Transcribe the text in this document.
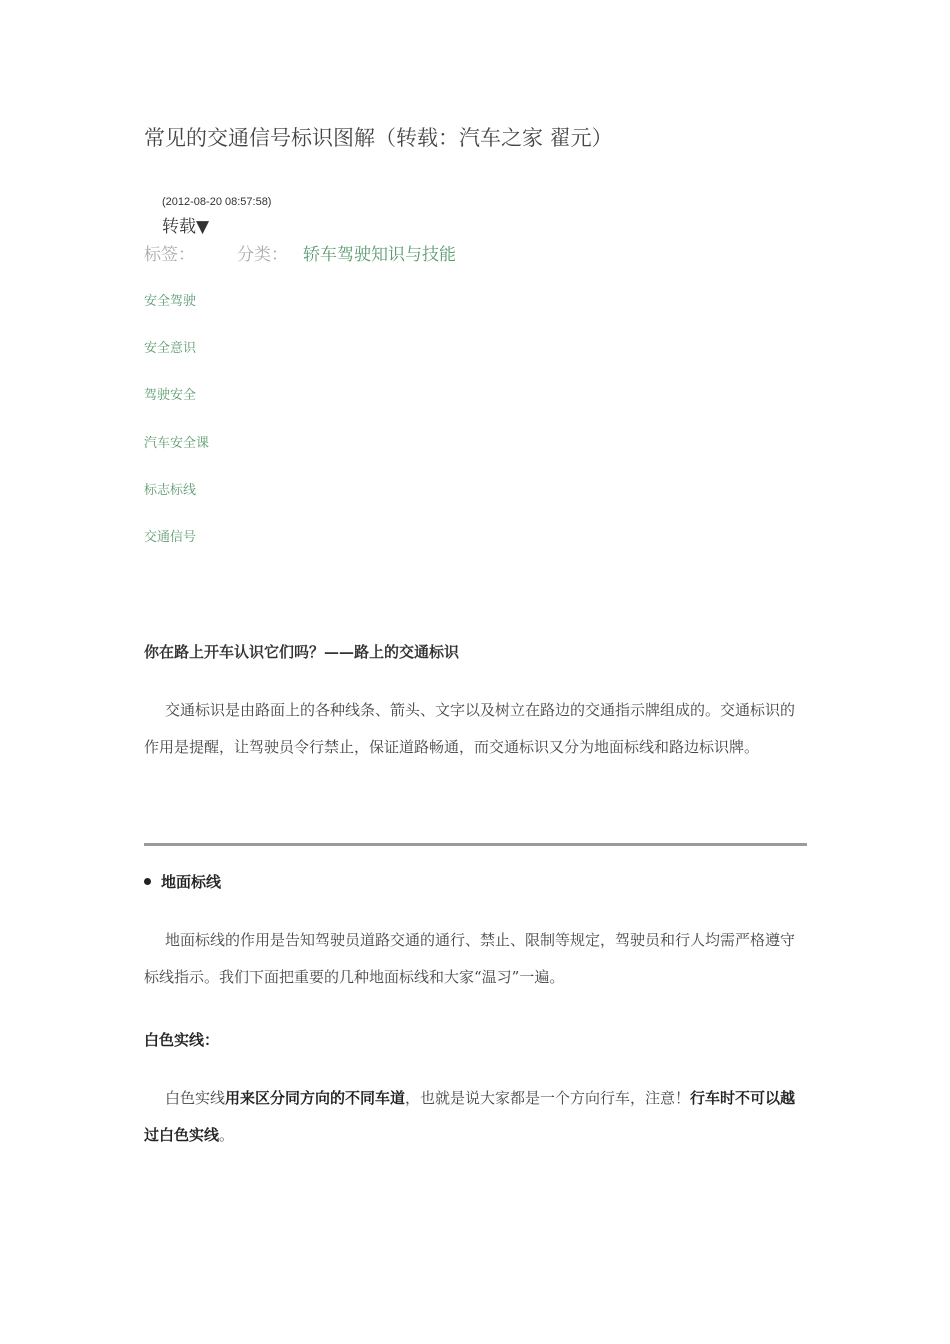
常见的交通信号标识图解（转载：汽车之家 翟元）
(2012-08-20 08:57:58)
转载▼
标签： 分类： 轿车驾驶知识与技能
安全驾驶
安全意识
驾驶安全
汽车安全课
标志标线
交通信号
你在路上开车认识它们吗？——路上的交通标识
交通标识是由路面上的各种线条、箭头、文字以及树立在路边的交通指示牌组成的。交通标识的作用是提醒，让驾驶员令行禁止，保证道路畅通，而交通标识又分为地面标线和路边标识牌。
地面标线
地面标线的作用是告知驾驶员道路交通的通行、禁止、限制等规定，驾驶员和行人均需严格遵守标线指示。我们下面把重要的几种地面标线和大家“温习”一遍。
白色实线：
白色实线用来区分同方向的不同车道，也就是说大家都是一个方向行车，注意！行车时不可以越过白色实线。
